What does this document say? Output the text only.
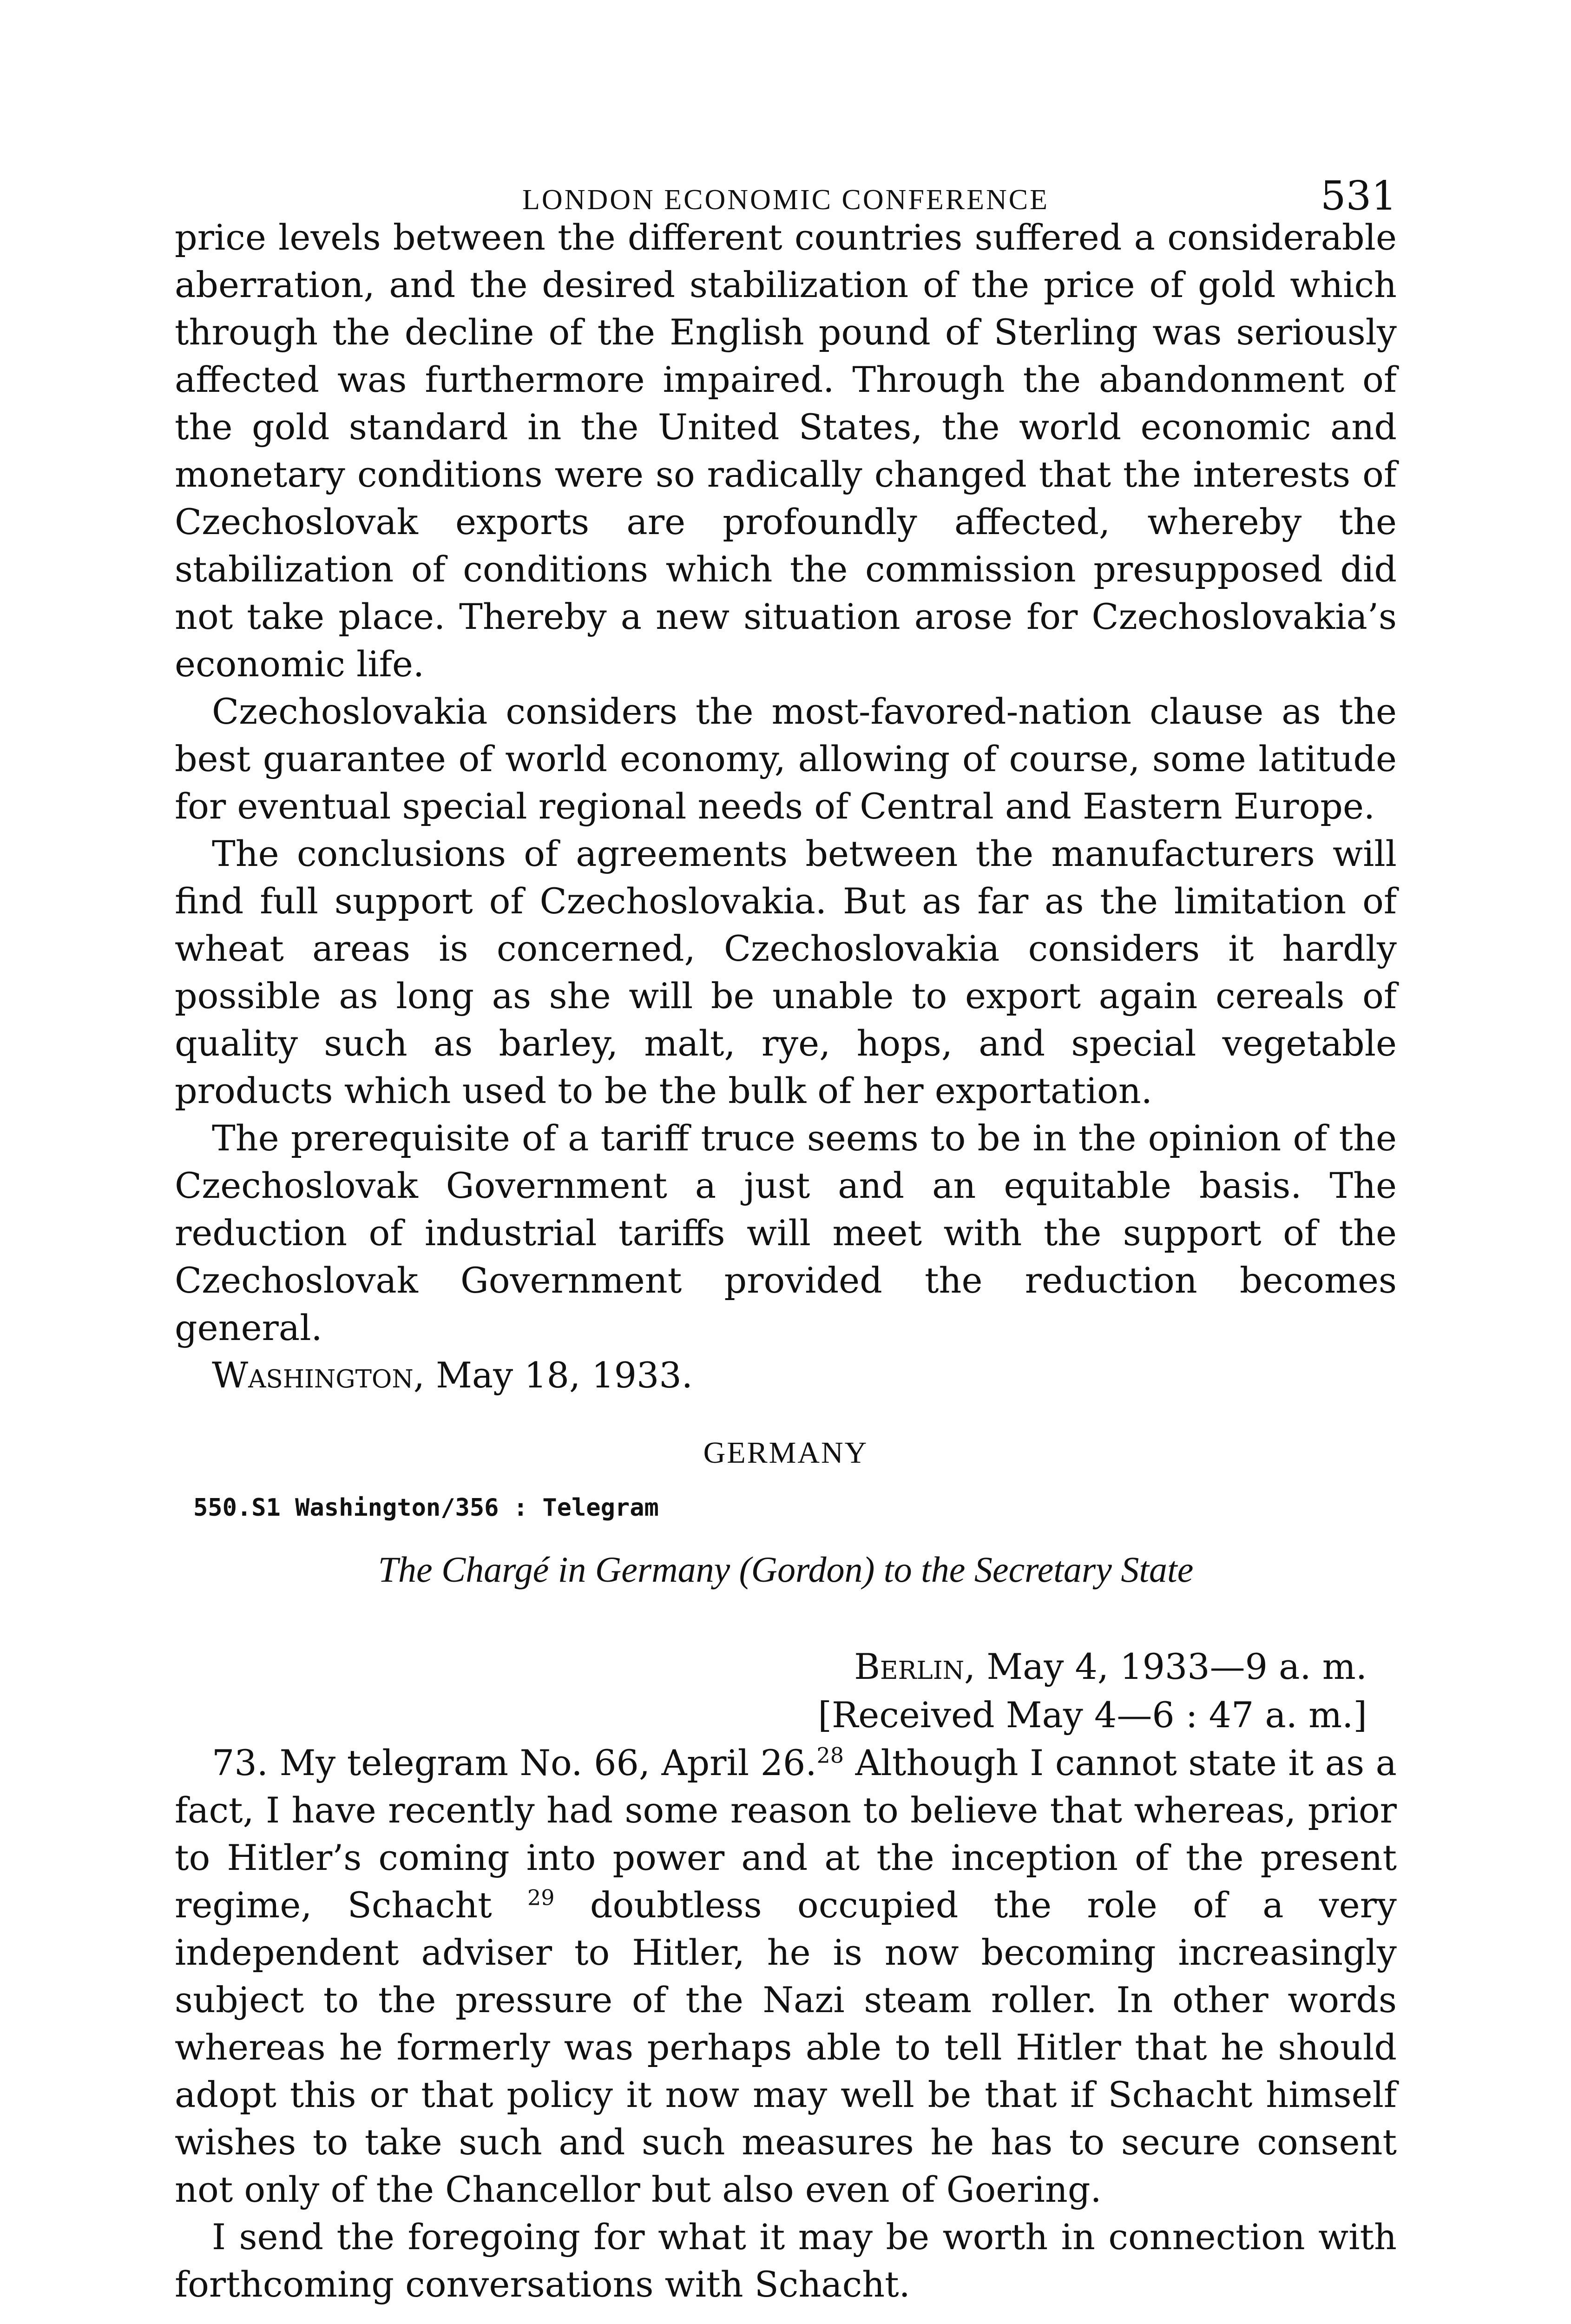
LONDON ECONOMIC CONFERENCE	531

price levels between the different countries suffered a considerable aberration, and the desired stabilization of the price of gold which through the decline of the English pound of Sterling was seriously affected was furthermore impaired. Through the abandonment of the gold standard in the United States, the world economic and monetary conditions were so radically changed that the interests of Czechoslovak exports are profoundly affected, whereby the stabilization of conditions which the commission presupposed did not take place. Thereby a new situation arose for Czechoslovakia’s economic life.

Czechoslovakia considers the most-favored-nation clause as the best guarantee of world economy, allowing of course, some latitude for eventual special regional needs of Central and Eastern Europe.

The conclusions of agreements between the manufacturers will find full support of Czechoslovakia. But as far as the limitation of wheat areas is concerned, Czechoslovakia considers it hardly possible as long as she will be unable to export again cereals of quality such as barley, malt, rye, hops, and special vegetable products which used to be the bulk of her exportation.

The prerequisite of a tariff truce seems to be in the opinion of the Czechoslovak Government a just and an equitable basis. The reduction of industrial tariffs will meet with the support of the Czechoslovak Government provided the reduction becomes general.

Washington, May 18, 1933.

GERMANY
550.S1 Washington/356 : Telegram
The Chargé in Germany (Gordon) to the Secretary State
Berlin, May 4, 1933—9 a. m.
[Received May 4—6 : 47 a. m.]

73. My telegram No. 66, April 26.28 Although I cannot state it as a fact, I have recently had some reason to believe that whereas, prior to Hitler’s coming into power and at the inception of the present regime, Schacht $^{29}$ doubtless occupied the role of a very independent adviser to Hitler, he is now becoming increasingly subject to the pressure of the Nazi steam roller. In other words whereas he formerly was perhaps able to tell Hitler that he should adopt this or that policy it now may well be that if Schacht himself wishes to take such and such measures he has to secure consent not only of the Chancellor but also even of Goering.

I send the foregoing for what it may be worth in connection with forthcoming conversations with Schacht.
